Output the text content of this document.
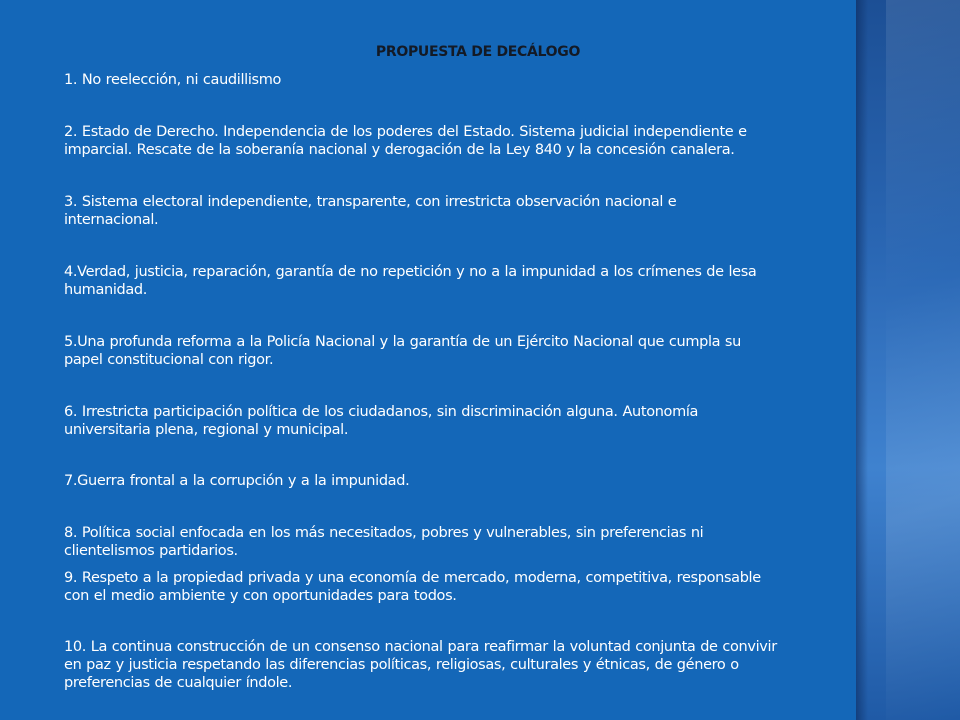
PROPUESTA DE DECÁLOGO
1. No reelección, ni caudillismo
2. Estado de Derecho. Independencia de los poderes del Estado. Sistema judicial independiente e
imparcial. Rescate de la soberanía nacional y derogación de la Ley 840 y la concesión canalera.
3. Sistema electoral independiente, transparente, con irrestricta observación nacional e
internacional.
4.Verdad, justicia, reparación, garantía de no repetición y no a la impunidad a los crímenes de lesa
humanidad.
5.Una profunda reforma a la Policía Nacional y la garantía de un Ejército Nacional que cumpla su
papel constitucional con rigor.
6. Irrestricta participación política de los ciudadanos, sin discriminación alguna. Autonomía
universitaria plena, regional y municipal.
7.Guerra frontal a la corrupción y a la impunidad.
8. Política social enfocada en los más necesitados, pobres y vulnerables, sin preferencias ni
clientelismos partidarios.
9. Respeto a la propiedad privada y una economía de mercado, moderna, competitiva, responsable
con el medio ambiente y con oportunidades para todos.
10. La continua construcción de un consenso nacional para reafirmar la voluntad conjunta de convivir
en paz y justicia respetando las diferencias políticas, religiosas, culturales y étnicas, de género o
preferencias de cualquier índole.
